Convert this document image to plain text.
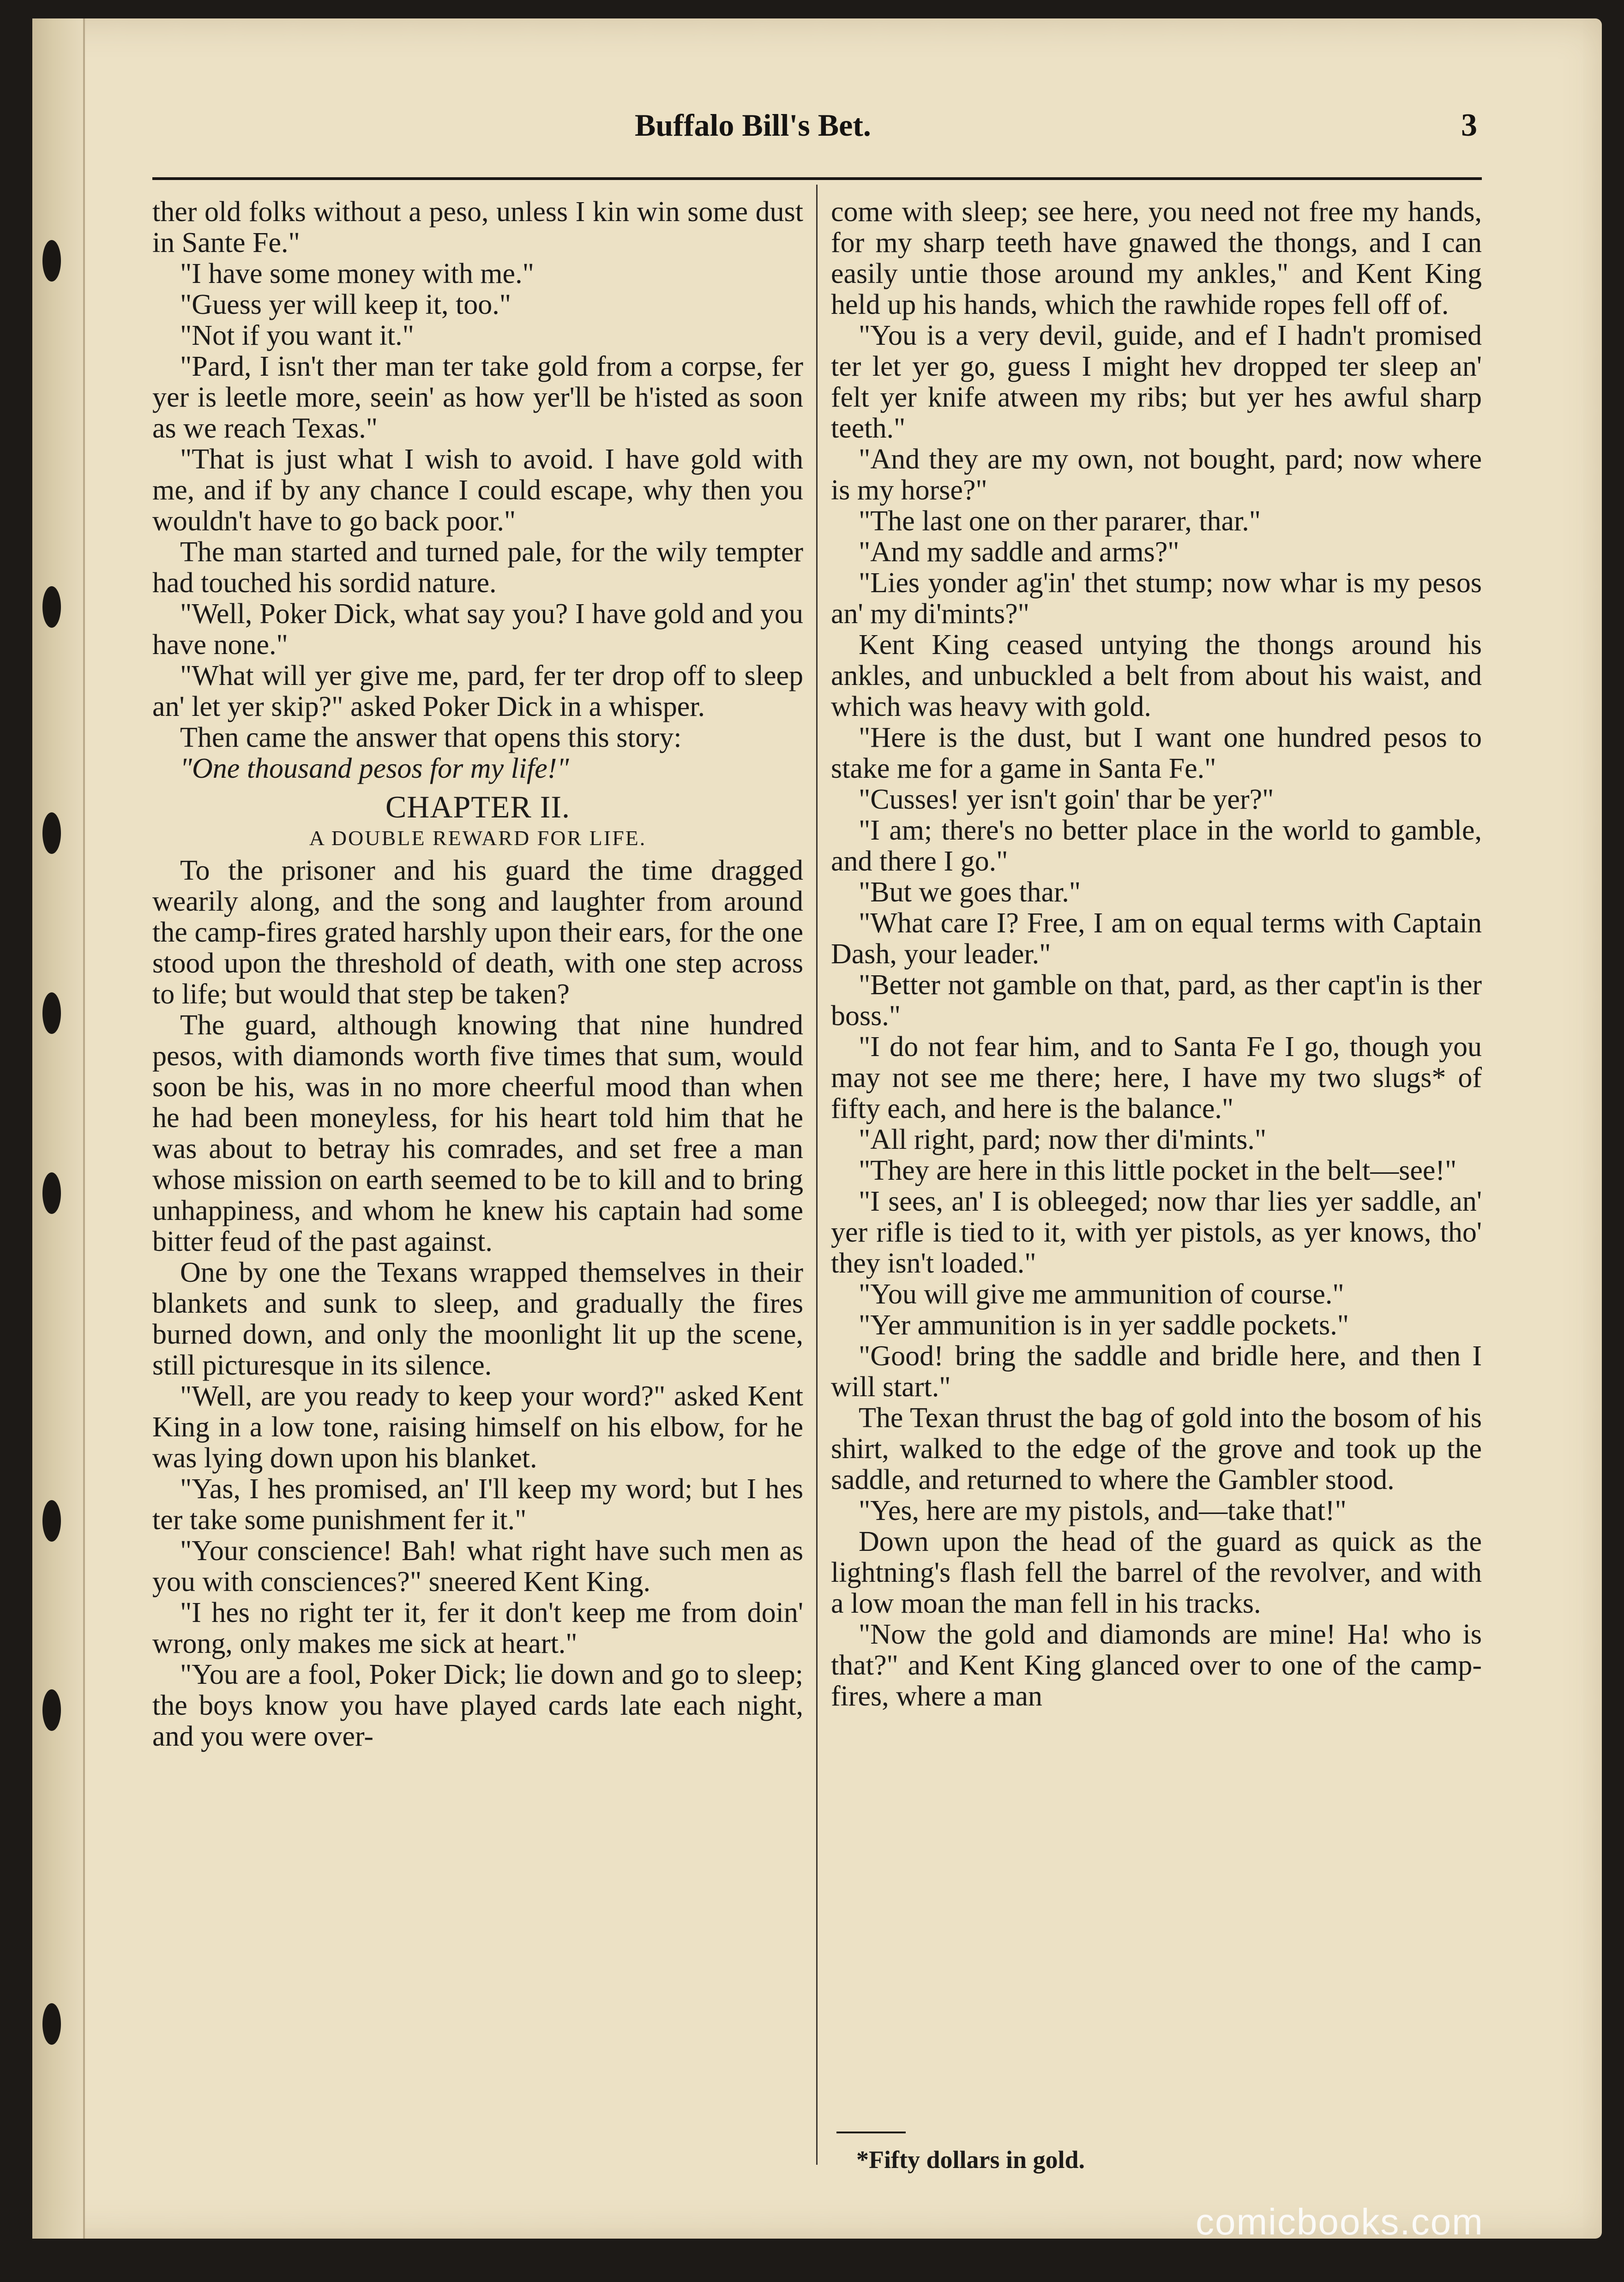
Buffalo Bill's Bet.	3

ther old folks without a peso, unless I kin win some dust in Sante Fe."

"I have some money with me."

"Guess yer will keep it, too."

"Not if you want it."

"Pard, I isn't ther man ter take gold from a corpse, fer yer is leetle more, seein' as how yer'll be h'isted as soon as we reach Texas."

"That is just what I wish to avoid. I have gold with me, and if by any chance I could escape, why then you wouldn't have to go back poor."

The man started and turned pale, for the wily tempter had touched his sordid nature.

"Well, Poker Dick, what say you? I have gold and you have none."

"What will yer give me, pard, fer ter drop off to sleep an' let yer skip?" asked Poker Dick in a whisper.

Then came the answer that opens this story:

"One thousand pesos for my life!"

CHAPTER II.
A DOUBLE REWARD FOR LIFE.

To the prisoner and his guard the time dragged wearily along, and the song and laughter from around the camp-fires grated harshly upon their ears, for the one stood upon the threshold of death, with one step across to life; but would that step be taken?

The guard, although knowing that nine hundred pesos, with diamonds worth five times that sum, would soon be his, was in no more cheerful mood than when he had been moneyless, for his heart told him that he was about to betray his comrades, and set free a man whose mission on earth seemed to be to kill and to bring unhappiness, and whom he knew his captain had some bitter feud of the past against.

One by one the Texans wrapped themselves in their blankets and sunk to sleep, and gradually the fires burned down, and only the moonlight lit up the scene, still picturesque in its silence.

"Well, are you ready to keep your word?" asked Kent King in a low tone, raising himself on his elbow, for he was lying down upon his blanket.

"Yas, I hes promised, an' I'll keep my word; but I hes ter take some punishment fer it."

"Your conscience! Bah! what right have such men as you with consciences?" sneered Kent King.

"I hes no right ter it, fer it don't keep me from doin' wrong, only makes me sick at heart."

"You are a fool, Poker Dick; lie down and go to sleep; the boys know you have played cards late each night, and you were over-

come with sleep; see here, you need not free my hands, for my sharp teeth have gnawed the thongs, and I can easily untie those around my ankles," and Kent King held up his hands, which the rawhide ropes fell off of.

"You is a very devil, guide, and ef I hadn't promised ter let yer go, guess I might hev dropped ter sleep an' felt yer knife atween my ribs; but yer hes awful sharp teeth."

"And they are my own, not bought, pard; now where is my horse?"

"The last one on ther pararer, thar."

"And my saddle and arms?"

"Lies yonder ag'in' thet stump; now whar is my pesos an' my di'mints?"

Kent King ceased untying the thongs around his ankles, and unbuckled a belt from about his waist, and which was heavy with gold.

"Here is the dust, but I want one hundred pesos to stake me for a game in Santa Fe."

"Cusses! yer isn't goin' thar be yer?"

"I am; there's no better place in the world to gamble, and there I go."

"But we goes thar."

"What care I? Free, I am on equal terms with Captain Dash, your leader."

"Better not gamble on that, pard, as ther capt'in is ther boss."

"I do not fear him, and to Santa Fe I go, though you may not see me there; here, I have my two slugs* of fifty each, and here is the balance."

"All right, pard; now ther di'mints."

"They are here in this little pocket in the belt—see!"

"I sees, an' I is obleeged; now thar lies yer saddle, an' yer rifle is tied to it, with yer pistols, as yer knows, tho' they isn't loaded."

"You will give me ammunition of course."

"Yer ammunition is in yer saddle pockets."

"Good! bring the saddle and bridle here, and then I will start."

The Texan thrust the bag of gold into the bosom of his shirt, walked to the edge of the grove and took up the saddle, and returned to where the Gambler stood.

"Yes, here are my pistols, and—take that!"

Down upon the head of the guard as quick as the lightning's flash fell the barrel of the revolver, and with a low moan the man fell in his tracks.

"Now the gold and diamonds are mine! Ha! who is that?" and Kent King glanced over to one of the camp-fires, where a man

*Fifty dollars in gold.
comicbooks.com
